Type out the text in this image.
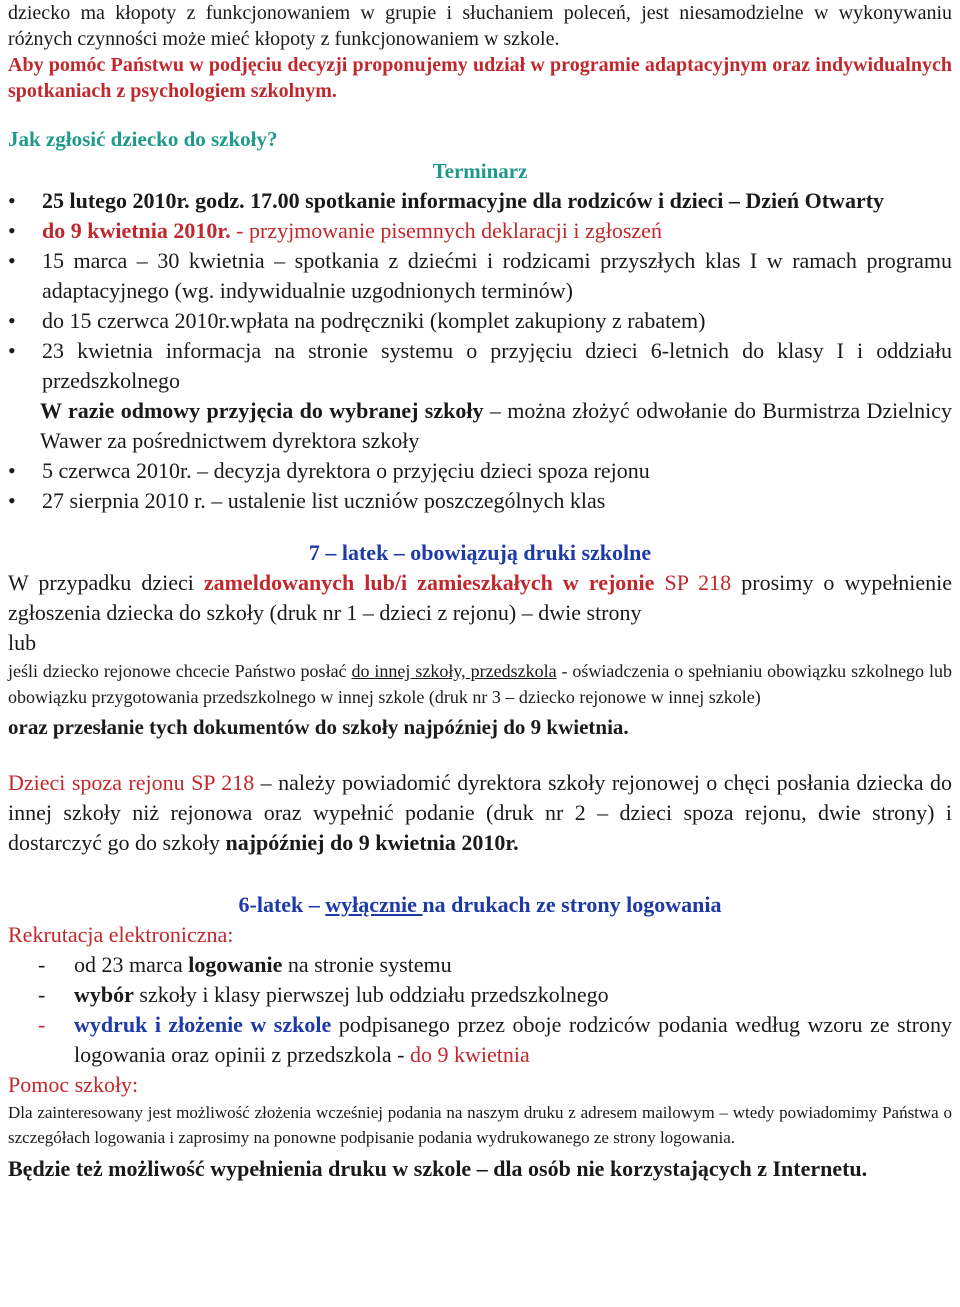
dziecko ma kłopoty z funkcjonowaniem w grupie i słuchaniem poleceń, jest niesamodzielne w wykonywaniu różnych czynności może mieć kłopoty z funkcjonowaniem w szkole.

Aby pomóc Państwu w podjęciu decyzji proponujemy udział w programie adaptacyjnym oraz indywidualnych spotkaniach z psychologiem szkolnym.

Jak zgłosić dziecko do szkoły?

Terminarz

•25 lutego 2010r. godz. 17.00 spotkanie informacyjne dla rodziców i dzieci – Dzień Otwarty
•do 9 kwietnia 2010r. - przyjmowanie pisemnych deklaracji i zgłoszeń
•15 marca – 30 kwietnia – spotkania z dziećmi i rodzicami przyszłych klas I w ramach programu adaptacyjnego (wg. indywidualnie uzgodnionych terminów)
•do 15 czerwca 2010r.wpłata na podręczniki (komplet zakupiony z rabatem)
•23 kwietnia informacja na stronie systemu o przyjęciu dzieci 6-letnich do klasy I i oddziału przedszkolnego

W razie odmowy przyjęcia do wybranej szkoły – można złożyć odwołanie do Burmistrza Dzielnicy Wawer za pośrednictwem dyrektora szkoły

•5 czerwca 2010r. – decyzja dyrektora o przyjęciu dzieci spoza rejonu
•27 sierpnia 2010 r. – ustalenie list uczniów poszczególnych klas

7 – latek – obowiązują druki szkolne

W przypadku dzieci zameldowanych lub/i zamieszkałych w rejonie SP 218 prosimy o wypełnienie zgłoszenia dziecka do szkoły (druk nr 1 – dzieci z rejonu) – dwie strony

lub

jeśli dziecko rejonowe chcecie Państwo posłać do innej szkoły, przedszkola - oświadczenia o spełnianiu obowiązku szkolnego lub obowiązku przygotowania przedszkolnego w innej szkole (druk nr 3 – dziecko rejonowe w innej szkole)

oraz przesłanie tych dokumentów do szkoły najpóźniej do 9 kwietnia.

Dzieci spoza rejonu SP 218 – należy powiadomić dyrektora szkoły rejonowej o chęci posłania dziecka do innej szkoły niż rejonowa oraz wypełnić podanie (druk nr 2 – dzieci spoza rejonu, dwie strony) i dostarczyć go do szkoły najpóźniej do 9 kwietnia 2010r.

6-latek – wyłącznie na drukach ze strony logowania

Rekrutacja elektroniczna:

- od 23 marca logowanie na stronie systemu
- wybór szkoły i klasy pierwszej lub oddziału przedszkolnego
- wydruk i złożenie w szkole podpisanego przez oboje rodziców podania według wzoru ze strony logowania oraz opinii z przedszkola - do 9 kwietnia

Pomoc szkoły:

Dla zainteresowany jest możliwość złożenia wcześniej podania na naszym druku z adresem mailowym – wtedy powiadomimy Państwa o szczegółach logowania i zaprosimy na ponowne podpisanie podania wydrukowanego ze strony logowania.

Będzie też możliwość wypełnienia druku w szkole – dla osób nie korzystających z Internetu.
